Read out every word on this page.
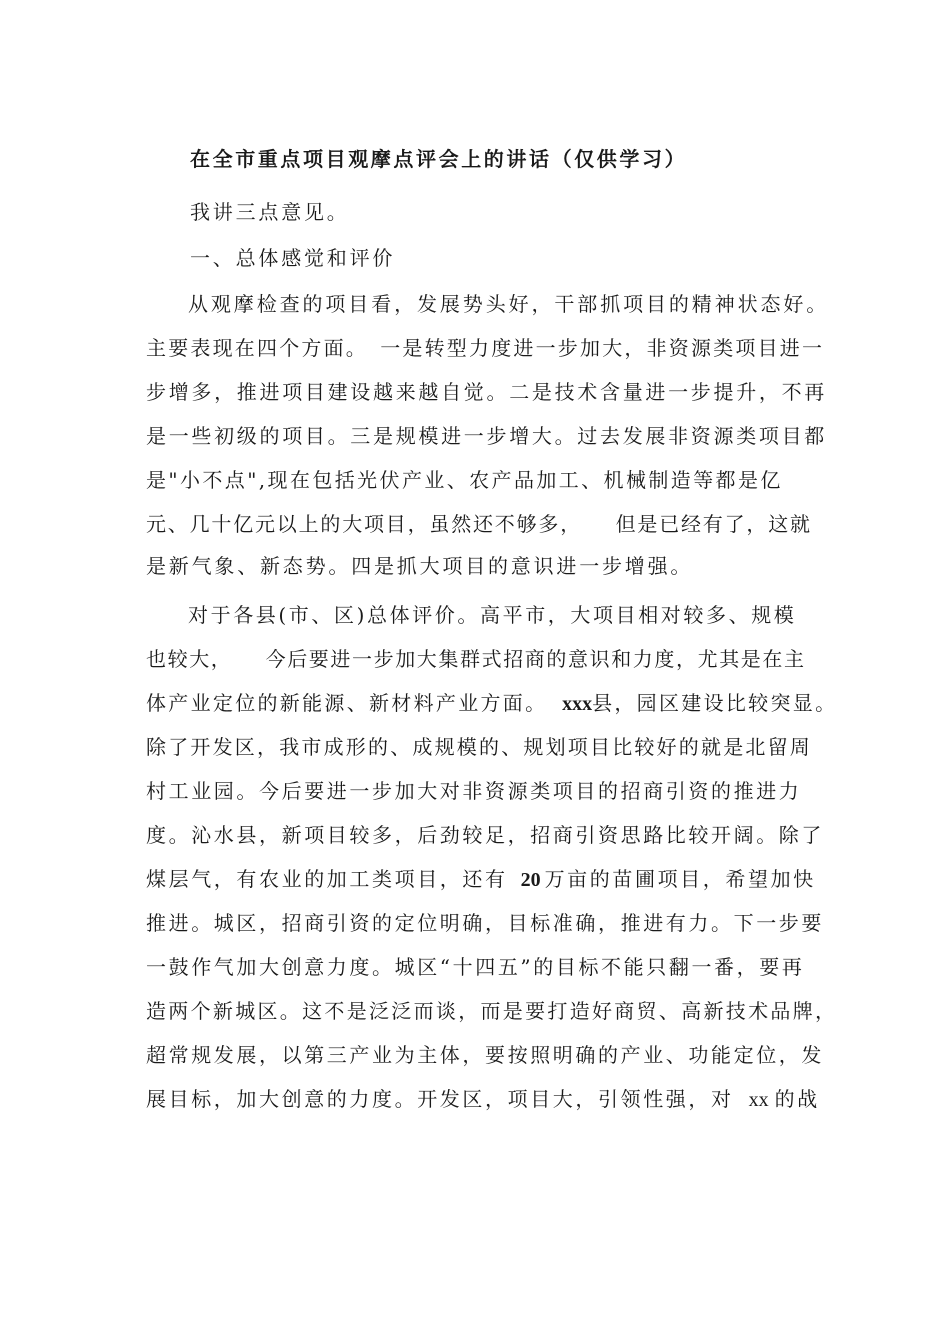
在全市重点项目观摩点评会上的讲话（仅供学习）
我讲三点意见。
一、总体感觉和评价
从观摩检查的项目看，发展势头好，干部抓项目的精神状态好。
主要表现在四个方面。　一是转型力度进一步加大，非资源类项目进一
步增多，推进项目建设越来越自觉。二是技术含量进一步提升，不再
是一些初级的项目。三是规模进一步增大。过去发展非资源类项目都
是"小不点",现在包括光伏产业、农产品加工、机械制造等都是亿
元、几十亿元以上的大项目，虽然还不够多，　　但是已经有了，这就
是新气象、新态势。四是抓大项目的意识进一步增强。
对于各县(市、区)总体评价。高平市，大项目相对较多、规模
也较大，　　今后要进一步加大集群式招商的意识和力度，尤其是在主
体产业定位的新能源、新材料产业方面。 xxx县，园区建设比较突显。
除了开发区，我市成形的、成规模的、规划项目比较好的就是北留周
村工业园。今后要进一步加大对非资源类项目的招商引资的推进力
度。沁水县，新项目较多，后劲较足，招商引资思路比较开阔。除了
煤层气，有农业的加工类项目，还有 20 万亩的苗圃项目，希望加快
推进。城区，招商引资的定位明确，目标准确，推进有力。下一步要
一鼓作气加大创意力度。城区“十四五”的目标不能只翻一番，要再
造两个新城区。这不是泛泛而谈，而是要打造好商贸、高新技术品牌，
超常规发展，以第三产业为主体，要按照明确的产业、功能定位，发
展目标，加大创意的力度。开发区，项目大，引领性强，对 xx 的战
